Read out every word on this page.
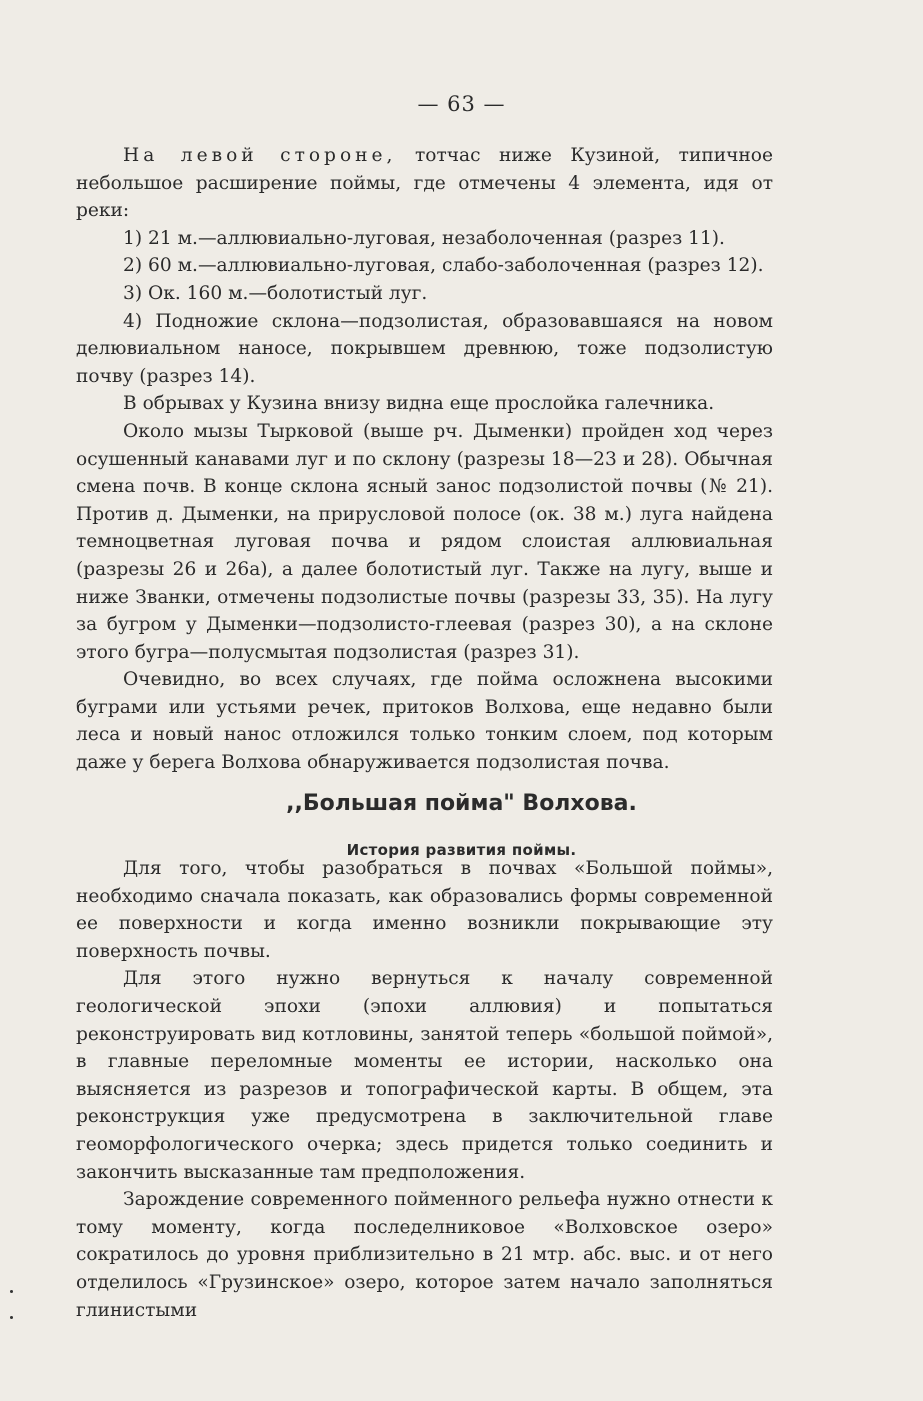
— 63 —

На левой стороне, тотчас ниже Кузиной, типичное небольшое расширение поймы, где отмечены 4 элемента, идя от реки:

1) 21 м.—аллювиально-луговая, незаболоченная (разрез 11).

2) 60 м.—аллювиально-луговая, слабо-заболоченная (разрез 12).

3) Ок. 160 м.—болотистый луг.

4) Подножие склона—подзолистая, образовавшаяся на новом делювиальном наносе, покрывшем древнюю, тоже подзолистую почву (разрез 14).

В обрывах у Кузина внизу видна еще прослойка галечника.

Около мызы Тырковой (выше рч. Дыменки) пройден ход через осушенный канавами луг и по склону (разрезы 18—23 и 28). Обычная смена почв. В конце склона ясный занос подзолистой почвы (№ 21). Против д. Дыменки, на прирусловой полосе (ок. 38 м.) луга найдена темноцветная луговая почва и рядом слоистая аллювиальная (разрезы 26 и 26а), а далее болотистый луг. Также на лугу, выше и ниже Званки, отмечены подзолистые почвы (разрезы 33, 35). На лугу за бугром у Дыменки—подзолисто-глеевая (разрез 30), а на склоне этого бугра—полусмытая подзолистая (разрез 31).

Очевидно, во всех случаях, где пойма осложнена высокими буграми или устьями речек, притоков Волхова, еще недавно были леса и новый нанос отложился только тонким слоем, под которым даже у берега Волхова обнаруживается подзолистая почва.

,,Большая пойма" Волхова.
История развития поймы.

Для того, чтобы разобраться в почвах «Большой поймы», необходимо сначала показать, как образовались формы современной ее поверхности и когда именно возникли покрывающие эту поверхность почвы.

Для этого нужно вернуться к началу современной геологической эпохи (эпохи аллювия) и попытаться реконструировать вид котловины, занятой теперь «большой поймой», в главные переломные моменты ее истории, насколько она выясняется из разрезов и топографической карты. В общем, эта реконструкция уже предусмотрена в заключительной главе геоморфологического очерка; здесь придется только соединить и закончить высказанные там предположения.

Зарождение современного пойменного рельефа нужно отнести к тому моменту, когда последелниковое «Волховское озеро» сократилось до уровня приблизительно в 21 мтр. абс. выс. и от него отделилось «Грузинское» озеро, которое затем начало заполняться глинистыми
